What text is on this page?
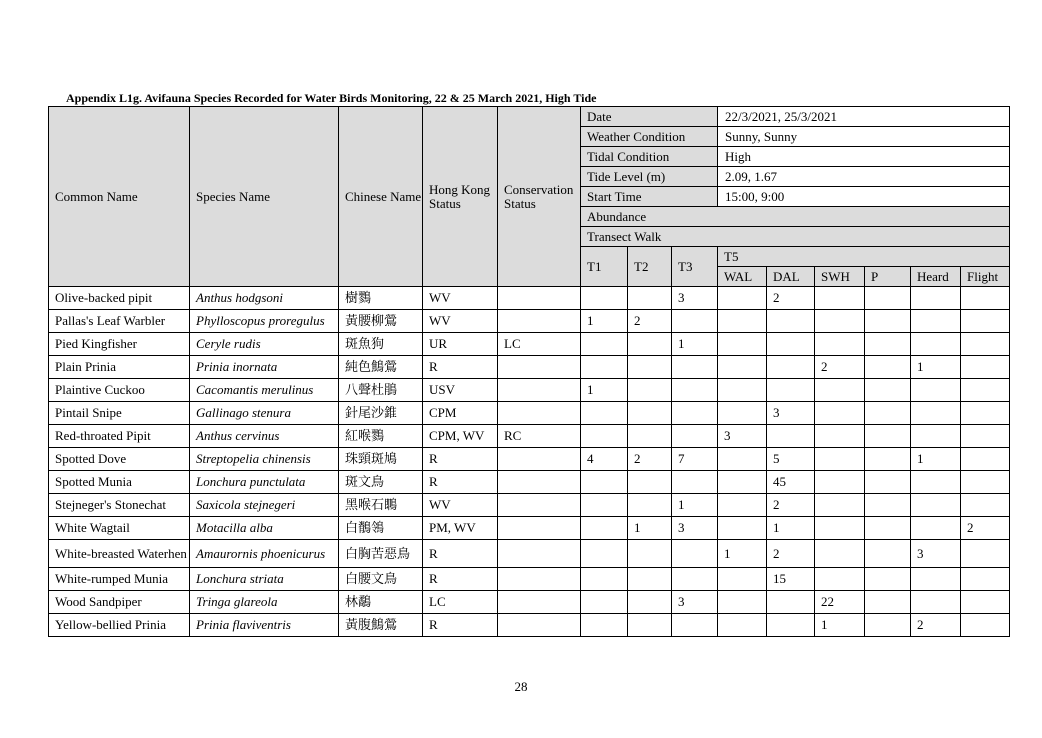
Appendix L1g. Avifauna Species Recorded for Water Birds Monitoring, 22 & 25 March 2021, High Tide
Common Name	Species Name	Chinese Name	Hong Kong Status	Conservation Status	Date			22/3/2021, 25/3/2021					
					Weather Condition			Sunny, Sunny					
					Tidal Condition			High					
					Tide Level (m)			2.09, 1.67					
					Start Time			15:00, 9:00					
					Abundance								
					Transect Walk								
					T1	T2	T3	T5					
								WAL	DAL	SWH	P	Heard	Flight
Olive-backed pipit	Anthus hodgsoni	樹鷚	WV				3		2				
Pallas's Leaf Warbler	Phylloscopus proregulus	黃腰柳鶯	WV		1	2							
Pied Kingfisher	Ceryle rudis	斑魚狗	UR	LC			1						
Plain Prinia	Prinia inornata	純色鷦鶯	R							2		1	
Plaintive Cuckoo	Cacomantis merulinus	八聲杜鵑	USV		1								
Pintail Snipe	Gallinago stenura	針尾沙錐	CPM						3				
Red-throated Pipit	Anthus cervinus	紅喉鷚	CPM, WV	RC				3					
Spotted Dove	Streptopelia chinensis	珠頸斑鳩	R		4	2	7		5			1	
Spotted Munia	Lonchura punctulata	斑文鳥	R						45				
Stejneger's Stonechat	Saxicola stejnegeri	黑喉石䳭	WV				1		2				
White Wagtail	Motacilla alba	白鶺鴒	PM, WV			1	3		1				2
White-breasted Waterhen	Amaurornis phoenicurus	白胸苦惡鳥	R					1	2			3	
White-rumped Munia	Lonchura striata	白腰文鳥	R						15				
Wood Sandpiper	Tringa glareola	林鷸	LC				3			22			
Yellow-bellied Prinia	Prinia flaviventris	黃腹鷦鶯	R							1		2	
28
